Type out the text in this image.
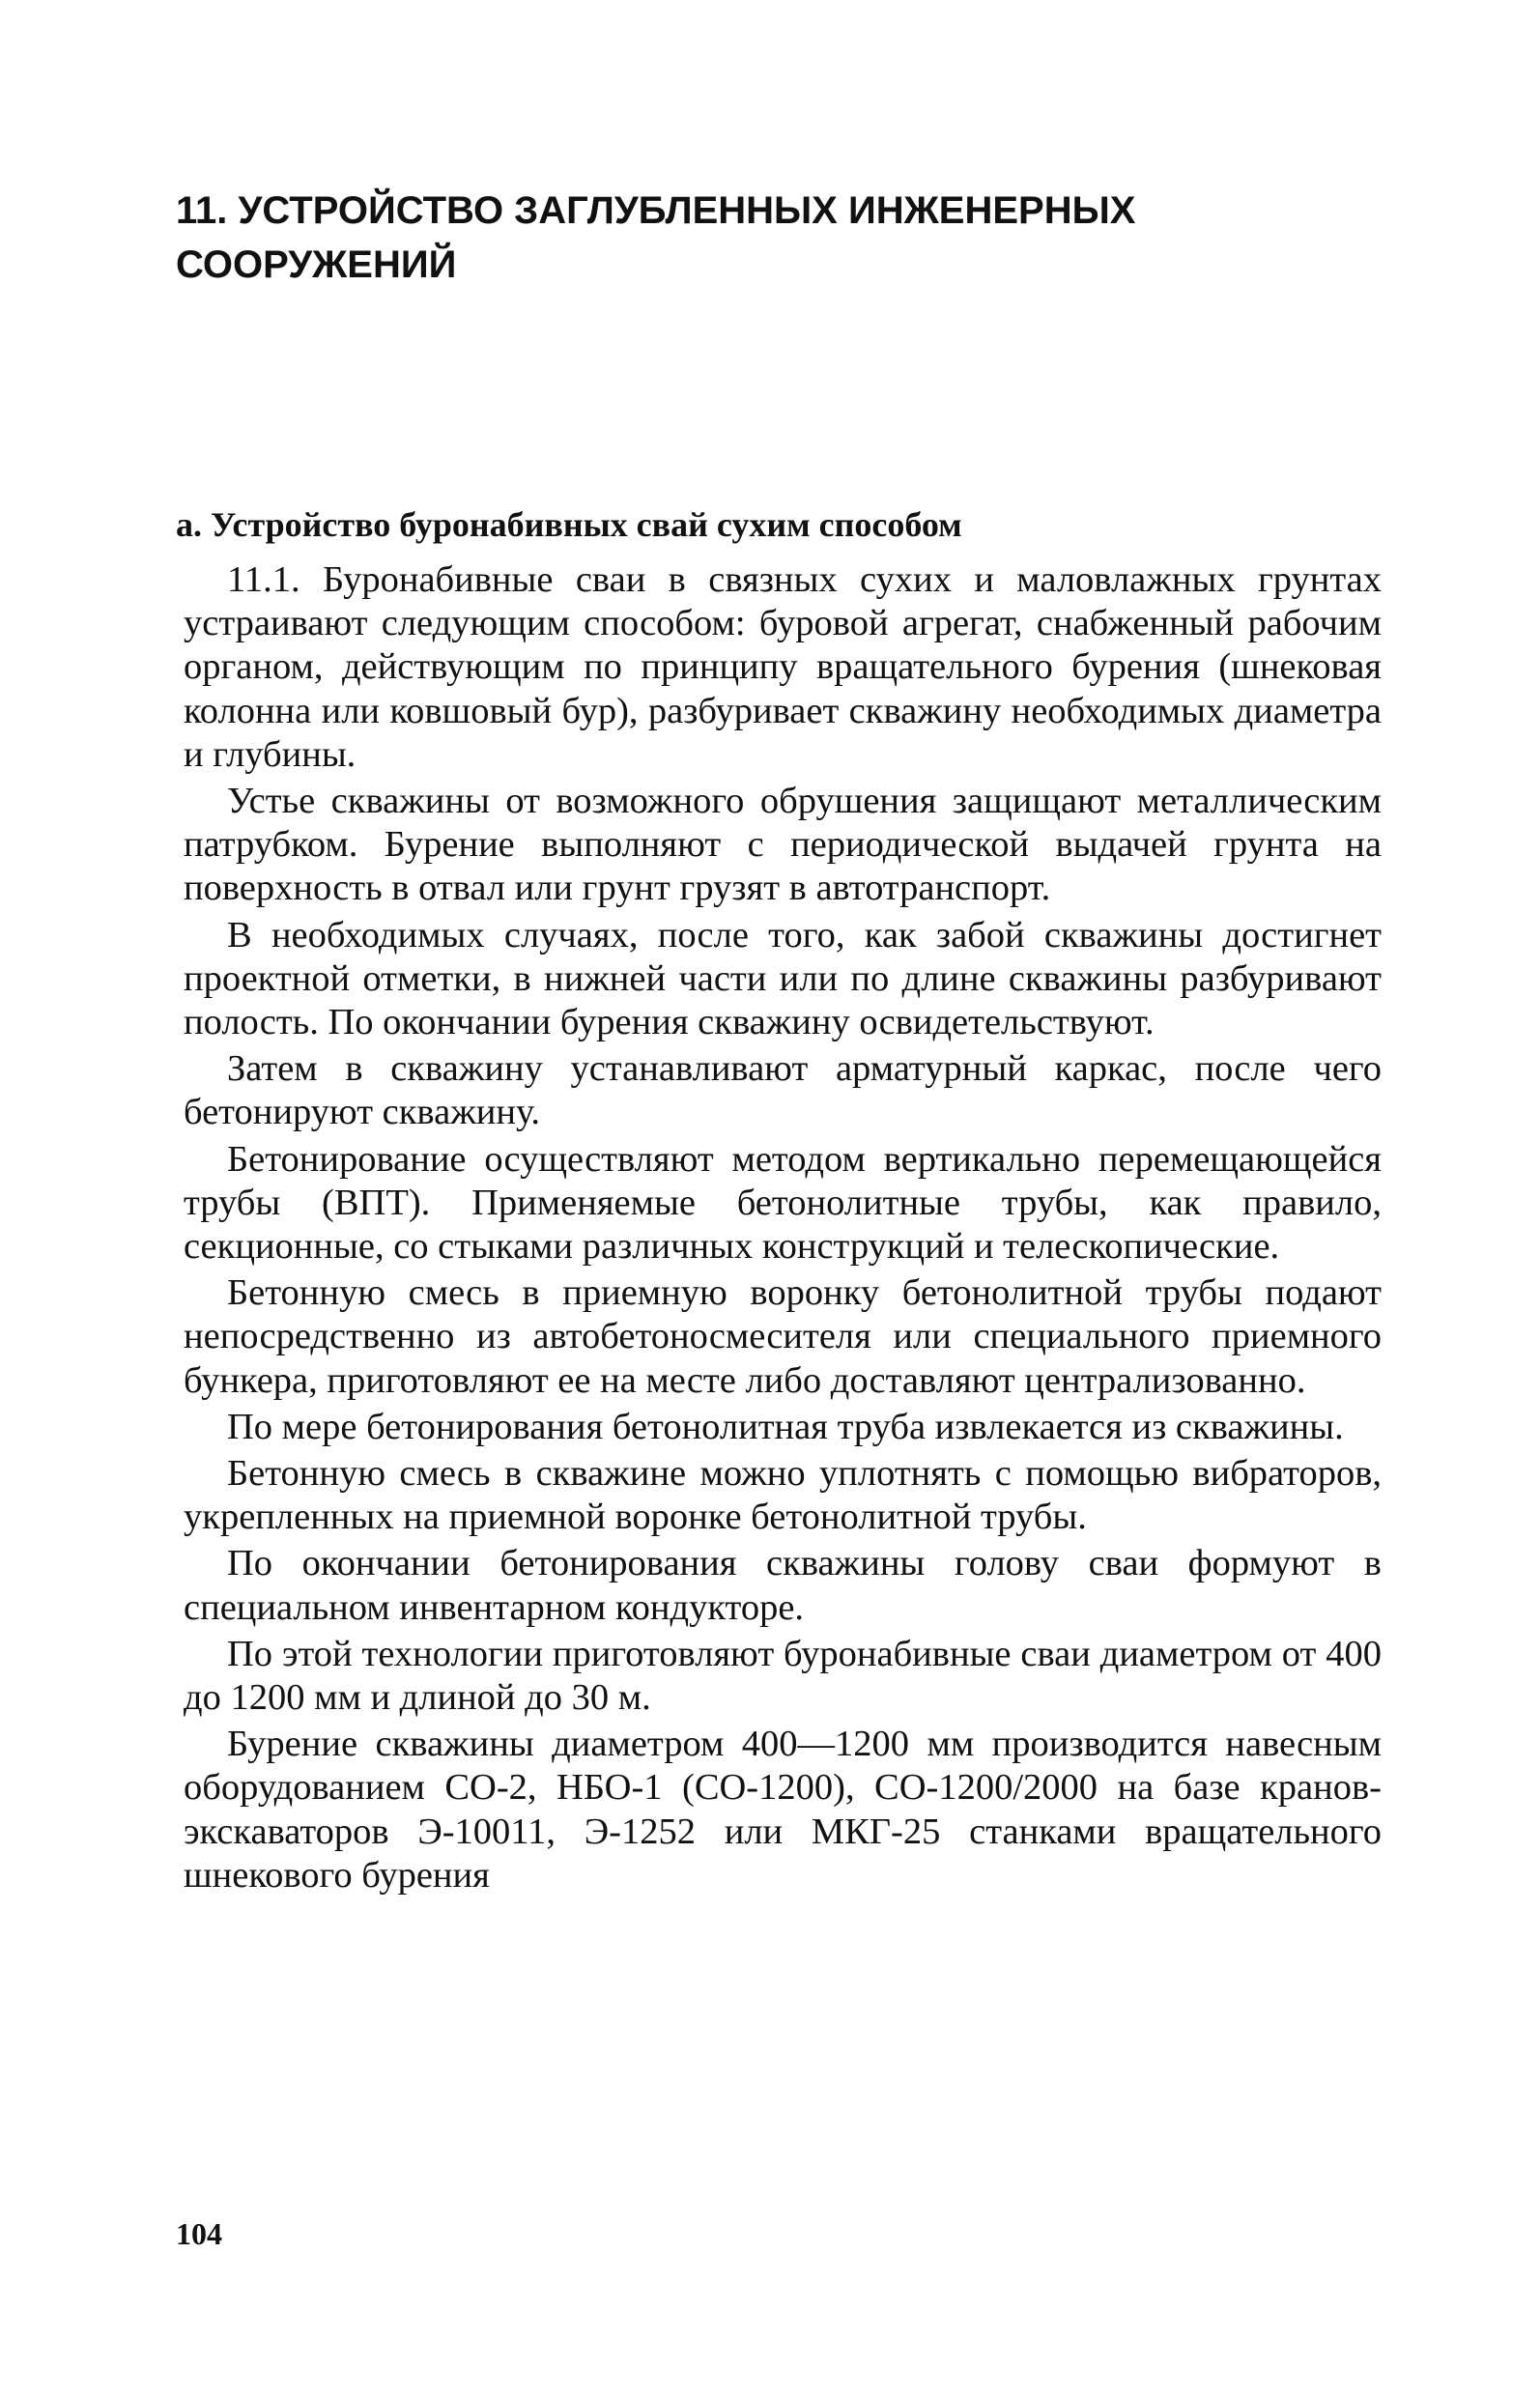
11. УСТРОЙСТВО ЗАГЛУБЛЕННЫХ ИНЖЕНЕРНЫХ
СООРУЖЕНИЙ
а. Устройство буронабивных свай сухим способом

11.1. Буронабивные сваи в связных сухих и маловлажных грунтах устраивают следующим способом: буровой агрегат, снабженный рабочим органом, действующим по принципу вращательного бурения (шнековая колонна или ковшовый бур), разбуривает скважину необходимых диаметра и глубины.

Устье скважины от возможного обрушения защищают металлическим патрубком. Бурение выполняют с периодической выдачей грунта на поверхность в отвал или грунт грузят в автотранспорт.

В необходимых случаях, после того, как забой скважины достигнет проектной отметки, в нижней части или по длине скважины разбуривают полость. По окончании бурения скважину освидетельствуют.

Затем в скважину устанавливают арматурный каркас, после чего бетонируют скважину.

Бетонирование осуществляют методом вертикально перемещающейся трубы (ВПТ). Применяемые бетонолитные трубы, как правило, секционные, со стыками различных конструкций и телескопические.

Бетонную смесь в приемную воронку бетонолитной трубы подают непосредственно из автобетоносмесителя или специального приемного бункера, приготовляют ее на месте либо доставляют централизованно.

По мере бетонирования бетонолитная труба извлекается из скважины.

Бетонную смесь в скважине можно уплотнять с помощью вибраторов, укрепленных на приемной воронке бетонолитной трубы.

По окончании бетонирования скважины голову сваи формуют в специальном инвентарном кондукторе.

По этой технологии приготовляют буронабивные сваи диаметром от 400 до 1200 мм и длиной до 30 м.

Бурение скважины диаметром 400—1200 мм производится навесным оборудованием СО-2, НБО-1 (СО-1200), СО-1200/2000 на базе кранов-экскаваторов Э-10011, Э-1252 или МКГ-25 станками вращательного шнекового бурения

104
